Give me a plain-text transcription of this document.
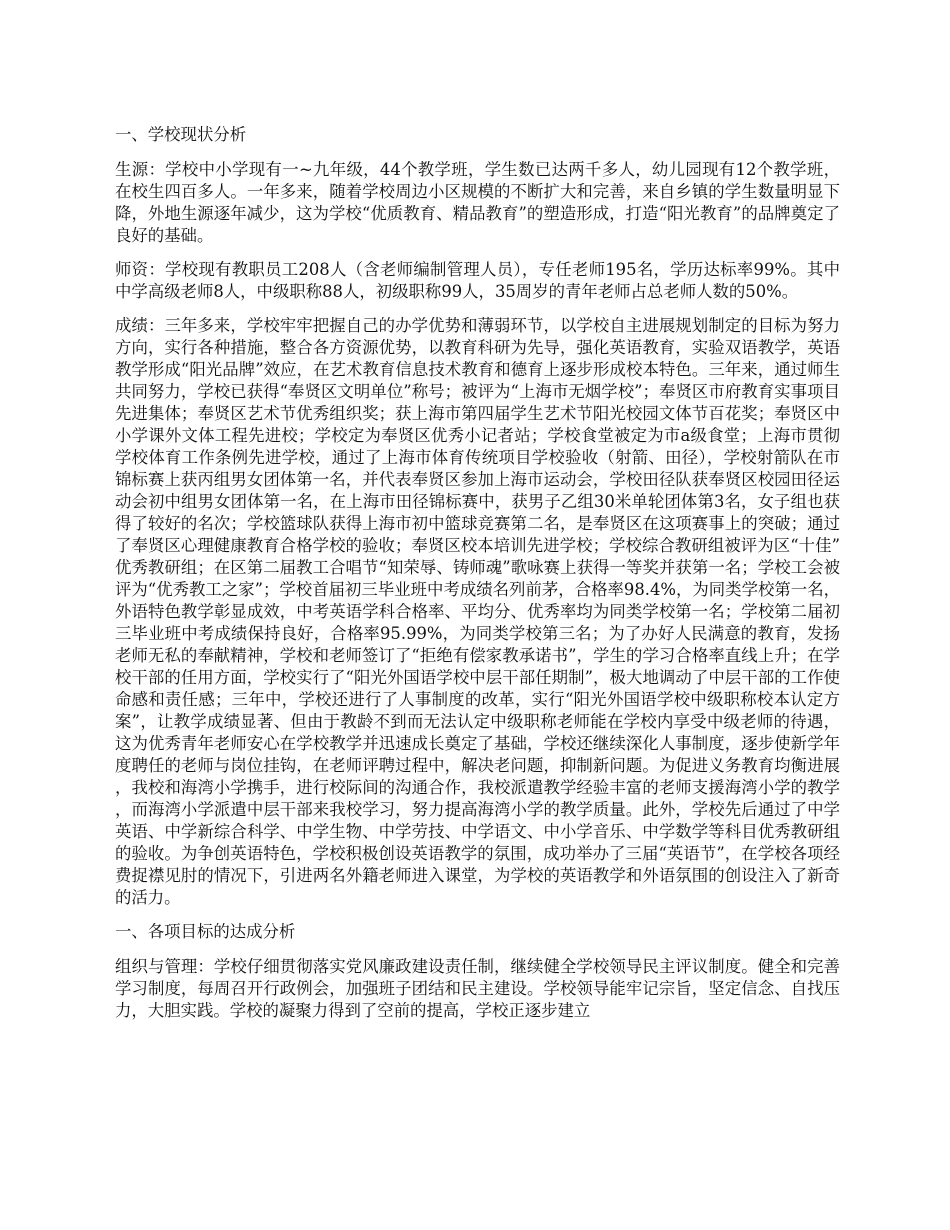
一、学校现状分析

生源：学校中小学现有一~九年级，44个教学班，学生数已达两千多人，幼儿园现有12个教学班，在校生四百多人。一年多来，随着学校周边小区规模的不断扩大和完善，来自乡镇的学生数量明显下降，外地生源逐年减少，这为学校“优质教育、精品教育”的塑造形成，打造“阳光教育”的品牌奠定了良好的基础。

师资：学校现有教职员工208人（含老师编制管理人员），专任老师195名，学历达标率99%。其中中学高级老师8人，中级职称88人，初级职称99人，35周岁的青年老师占总老师人数的50%。

成绩：三年多来，学校牢牢把握自己的办学优势和薄弱环节，以学校自主进展规划制定的目标为努力方向，实行各种措施，整合各方资源优势，以教育科研为先导，强化英语教育，实验双语教学，英语教学形成“阳光品牌”效应，在艺术教育信息技术教育和德育上逐步形成校本特色。三年来，通过师生共同努力，学校已获得“奉贤区文明单位”称号；被评为“上海市无烟学校”；奉贤区市府教育实事项目先进集体；奉贤区艺术节优秀组织奖；获上海市第四届学生艺术节阳光校园文体节百花奖；奉贤区中小学课外文体工程先进校；学校定为奉贤区优秀小记者站；学校食堂被定为市a级食堂；上海市贯彻学校体育工作条例先进学校，通过了上海市体育传统项目学校验收（射箭、田径），学校射箭队在市锦标赛上获丙组男女团体第一名，并代表奉贤区参加上海市运动会，学校田径队获奉贤区校园田径运动会初中组男女团体第一名，在上海市田径锦标赛中，获男子乙组30米单轮团体第3名，女子组也获得了较好的名次；学校篮球队获得上海市初中篮球竞赛第二名，是奉贤区在这项赛事上的突破；通过了奉贤区心理健康教育合格学校的验收；奉贤区校本培训先进学校；学校综合教研组被评为区“十佳”优秀教研组；在区第二届教工合唱节“知荣辱、铸师魂”歌咏赛上获得一等奖并获第一名；学校工会被评为“优秀教工之家”；学校首届初三毕业班中考成绩名列前茅，合格率98.4%，为同类学校第一名，外语特色教学彰显成效，中考英语学科合格率、平均分、优秀率均为同类学校第一名；学校第二届初三毕业班中考成绩保持良好，合格率95.99%，为同类学校第三名；为了办好人民满意的教育，发扬老师无私的奉献精神，学校和老师签订了“拒绝有偿家教承诺书”，学生的学习合格率直线上升；在学校干部的任用方面，学校实行了“阳光外国语学校中层干部任期制”，极大地调动了中层干部的工作使命感和责任感；三年中，学校还进行了人事制度的改革，实行“阳光外国语学校中级职称校本认定方案”，让教学成绩显著、但由于教龄不到而无法认定中级职称老师能在学校内享受中级老师的待遇，这为优秀青年老师安心在学校教学并迅速成长奠定了基础，学校还继续深化人事制度，逐步使新学年度聘任的老师与岗位挂钩，在老师评聘过程中，解决老问题，抑制新问题。为促进义务教育均衡进展，我校和海湾小学携手，进行校际间的沟通合作，我校派遣教学经验丰富的老师支援海湾小学的教学，而海湾小学派遣中层干部来我校学习，努力提高海湾小学的教学质量。此外，学校先后通过了中学英语、中学新综合科学、中学生物、中学劳技、中学语文、中小学音乐、中学数学等科目优秀教研组的验收。为争创英语特色，学校积极创设英语教学的氛围，成功举办了三届“英语节”，在学校各项经费捉襟见肘的情况下，引进两名外籍老师进入课堂，为学校的英语教学和外语氛围的创设注入了新奇的活力。

一、各项目标的达成分析

组织与管理：学校仔细贯彻落实党风廉政建设责任制，继续健全学校领导民主评议制度。健全和完善学习制度，每周召开行政例会，加强班子团结和民主建设。学校领导能牢记宗旨，坚定信念、自找压力，大胆实践。学校的凝聚力得到了空前的提高，学校正逐步建立
